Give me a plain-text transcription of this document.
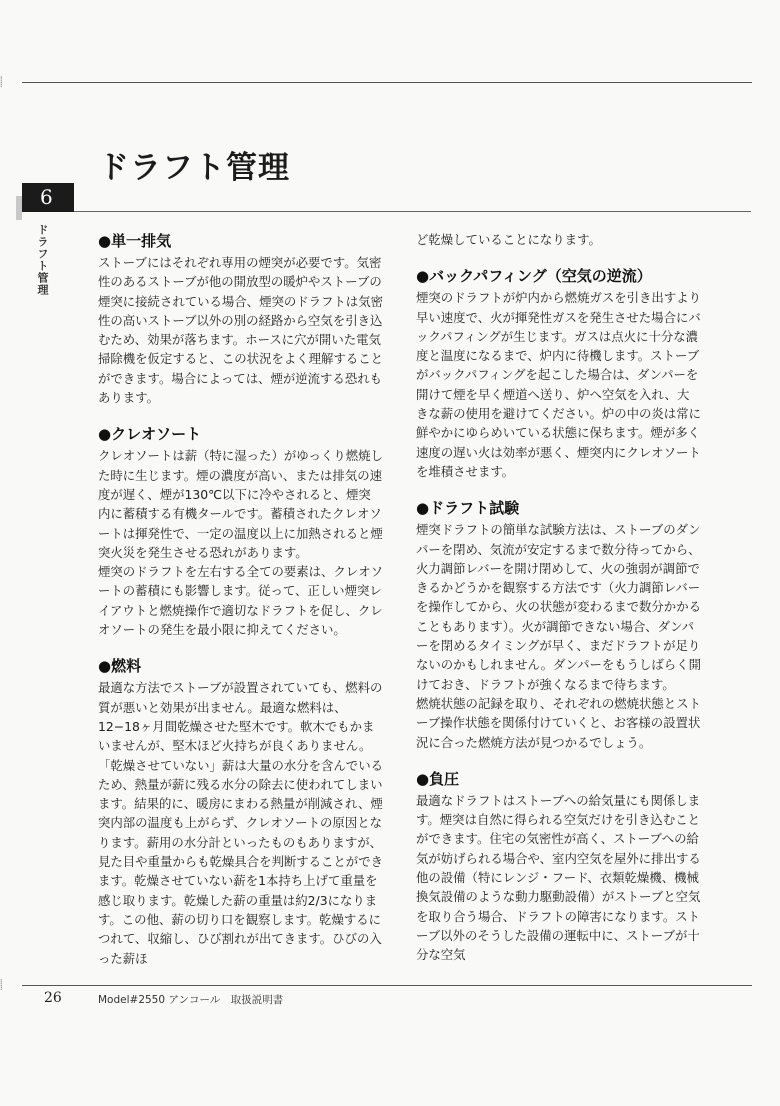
⸽
ドラフト管理
6
ドラフト管理	●単一排気

ストーブにはそれぞれ専用の煙突が必要です。気密性のあるストーブが他の開放型の暖炉やストーブの煙突に接続されている場合、煙突のドラフトは気密性の高いストーブ以外の別の経路から空気を引き込むため、効果が落ちます。ホースに穴が開いた電気掃除機を仮定すると、この状況をよく理解することができます。場合によっては、煙が逆流する恐れもあります。

●クレオソート

クレオソートは薪（特に湿った）がゆっくり燃焼した時に生じます。煙の濃度が高い、または排気の速度が遅く、煙が130℃以下に冷やされると、煙突内に蓄積する有機タールです。蓄積されたクレオソートは揮発性で、一定の温度以上に加熱されると煙突火災を発生させる恐れがあります。

煙突のドラフトを左右する全ての要素は、クレオソートの蓄積にも影響します。従って、正しい煙突レイアウトと燃焼操作で適切なドラフトを促し、クレオソートの発生を最小限に抑えてください。

●燃料

最適な方法でストーブが設置されていても、燃料の質が悪いと効果が出ません。最適な燃料は、12−18ヶ月間乾燥させた堅木です。軟木でもかまいませんが、堅木ほど火持ちが良くありません。

「乾燥させていない」薪は大量の水分を含んでいるため、熱量が薪に残る水分の除去に使われてしまいます。結果的に、暖房にまわる熱量が削減され、煙突内部の温度も上がらず、クレオソートの原因となります。薪用の水分計といったものもありますが、見た目や重量からも乾燥具合を判断することができます。乾燥させていない薪を1本持ち上げて重量を感じ取ります。乾燥した薪の重量は約2/3になります。この他、薪の切り口を観察します。乾燥するにつれて、収縮し、ひび割れが出てきます。ひびの入った薪ほ

ど乾燥していることになります。

●バックパフィング（空気の逆流）

煙突のドラフトが炉内から燃焼ガスを引き出すより早い速度で、火が揮発性ガスを発生させた場合にバックパフィングが生じます。ガスは点火に十分な濃度と温度になるまで、炉内に待機します。ストーブがバックパフィングを起こした場合は、ダンパーを開けて煙を早く煙道へ送り、炉へ空気を入れ、大きな薪の使用を避けてください。炉の中の炎は常に鮮やかにゆらめいている状態に保ちます。煙が多く速度の遅い火は効率が悪く、煙突内にクレオソートを堆積させます。

●ドラフト試験

煙突ドラフトの簡単な試験方法は、ストーブのダンパーを閉め、気流が安定するまで数分待ってから、火力調節レバーを開け閉めして、火の強弱が調節できるかどうかを観察する方法です（火力調節レバーを操作してから、火の状態が変わるまで数分かかることもあります）。火が調節できない場合、ダンパーを閉めるタイミングが早く、まだドラフトが足りないのかもしれません。ダンパーをもうしばらく開けておき、ドラフトが強くなるまで待ちます。

燃焼状態の記録を取り、それぞれの燃焼状態とストーブ操作状態を関係付けていくと、お客様の設置状況に合った燃焼方法が見つかるでしょう。

●負圧

最適なドラフトはストーブへの給気量にも関係します。煙突は自然に得られる空気だけを引き込むことができます。住宅の気密性が高く、ストーブへの給気が妨げられる場合や、室内空気を屋外に排出する他の設備（特にレンジ・フード、衣類乾燥機、機械換気設備のような動力駆動設備）がストーブと空気を取り合う場合、ドラフトの障害になります。ストーブ以外のそうした設備の運転中に、ストーブが十分な空気

⸽
26	Model#2550 アンコール　取扱説明書
